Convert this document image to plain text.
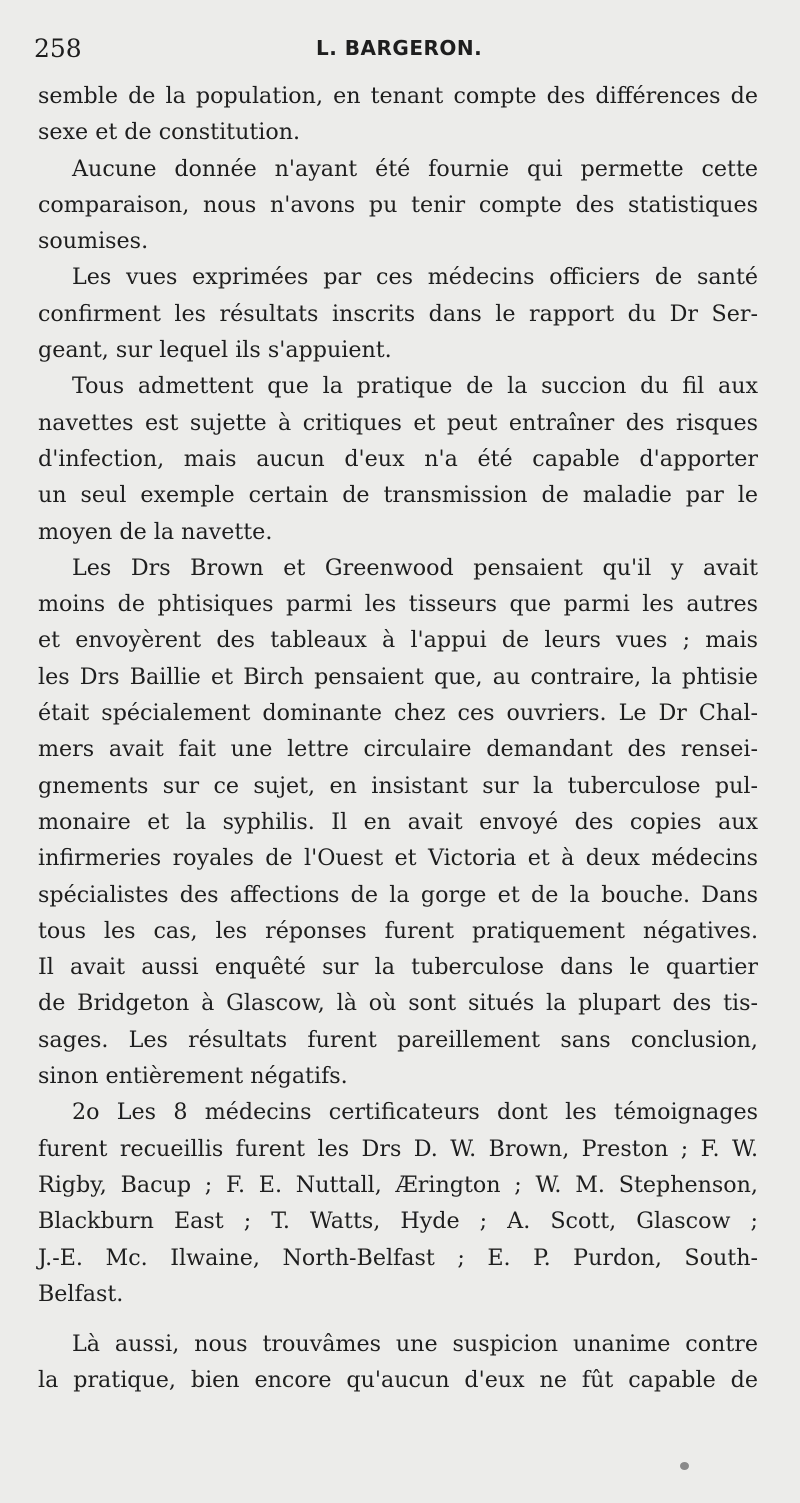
258	L. BARGERON.
semble de la population, en tenant compte des différences de
sexe et de constitution.
Aucune donnée n'ayant été fournie qui permette cette
comparaison, nous n'avons pu tenir compte des statistiques
soumises.
Les vues exprimées par ces médecins officiers de santé
confirment les résultats inscrits dans le rapport du Dr Ser-
geant, sur lequel ils s'appuient.
Tous admettent que la pratique de la succion du fil aux
navettes est sujette à critiques et peut entraîner des risques
d'infection, mais aucun d'eux n'a été capable d'apporter
un seul exemple certain de transmission de maladie par le
moyen de la navette.
Les Drs Brown et Greenwood pensaient qu'il y avait
moins de phtisiques parmi les tisseurs que parmi les autres
et envoyèrent des tableaux à l'appui de leurs vues ; mais
les Drs Baillie et Birch pensaient que, au contraire, la phtisie
était spécialement dominante chez ces ouvriers. Le Dr Chal-
mers avait fait une lettre circulaire demandant des rensei-
gnements sur ce sujet, en insistant sur la tuberculose pul-
monaire et la syphilis. Il en avait envoyé des copies aux
infirmeries royales de l'Ouest et Victoria et à deux médecins
spécialistes des affections de la gorge et de la bouche. Dans
tous les cas, les réponses furent pratiquement négatives.
Il avait aussi enquêté sur la tuberculose dans le quartier
de Bridgeton à Glascow, là où sont situés la plupart des tis-
sages. Les résultats furent pareillement sans conclusion,
sinon entièrement négatifs.
2o Les 8 médecins certificateurs dont les témoignages
furent recueillis furent les Drs D. W. Brown, Preston ; F. W.
Rigby, Bacup ; F. E. Nuttall, Ærington ; W. M. Stephenson,
Blackburn East ; T. Watts, Hyde ; A. Scott, Glascow ;
J.-E. Mc. Ilwaine, North-Belfast ; E. P. Purdon, South-
Belfast.
Là aussi, nous trouvâmes une suspicion unanime contre
la pratique, bien encore qu'aucun d'eux ne fût capable de
